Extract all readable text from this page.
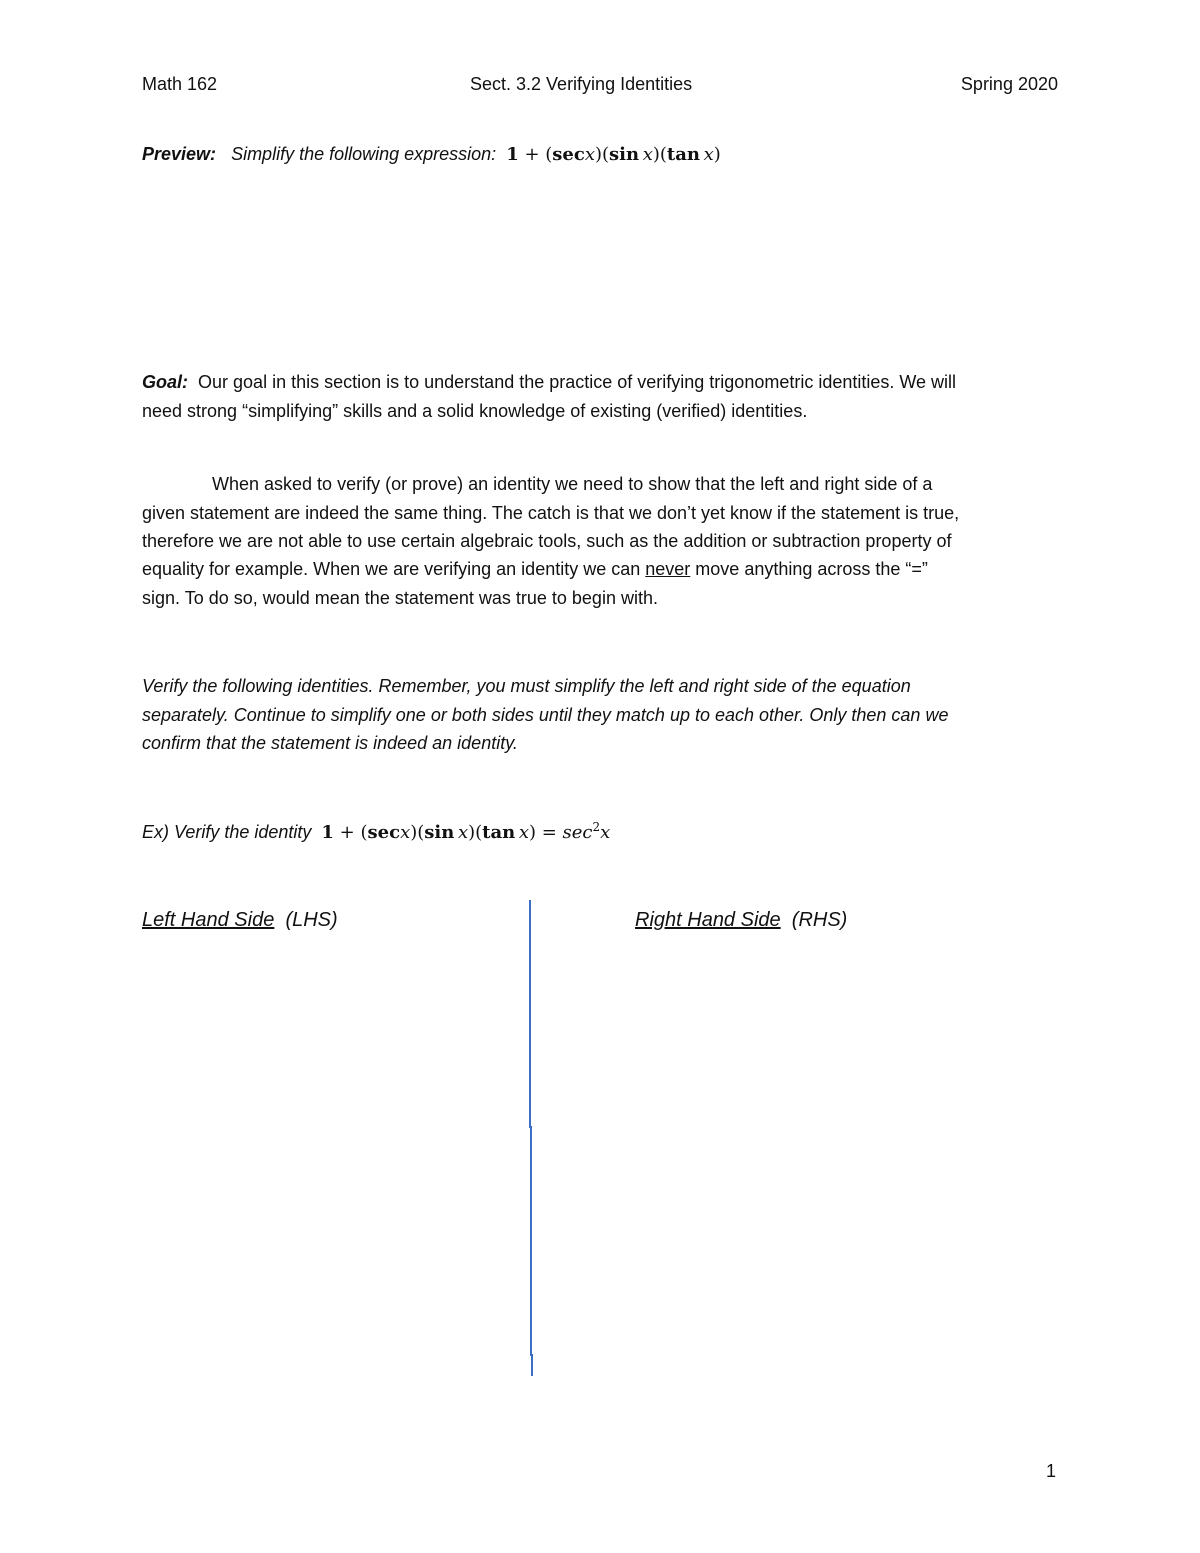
Math 162	Sect. 3.2 Verifying Identities	Spring 2020
Preview: Simplify the following expression: 1 + (secx)(sin  x)(tan  x)
Goal: Our goal in this section is to understand the practice of verifying trigonometric identities. We will
need strong “simplifying” skills and a solid knowledge of existing (verified) identities.
When asked to verify (or prove) an identity we need to show that the left and right side of a
given statement are indeed the same thing. The catch is that we don’t yet know if the statement is true,
therefore we are not able to use certain algebraic tools, such as the addition or subtraction property of
equality for example. When we are verifying an identity we can never move anything across the “=”
sign. To do so, would mean the statement was true to begin with.
Verify the following identities. Remember, you must simplify the left and right side of the equation
separately. Continue to simplify one or both sides until they match up to each other. Only then can we
confirm that the statement is indeed an identity.
Ex) Verify the identity 1 + (secx)(sin  x)(tan  $x) = \sec^2x$
Left Hand Side (LHS)	Right Hand Side (RHS)
1
